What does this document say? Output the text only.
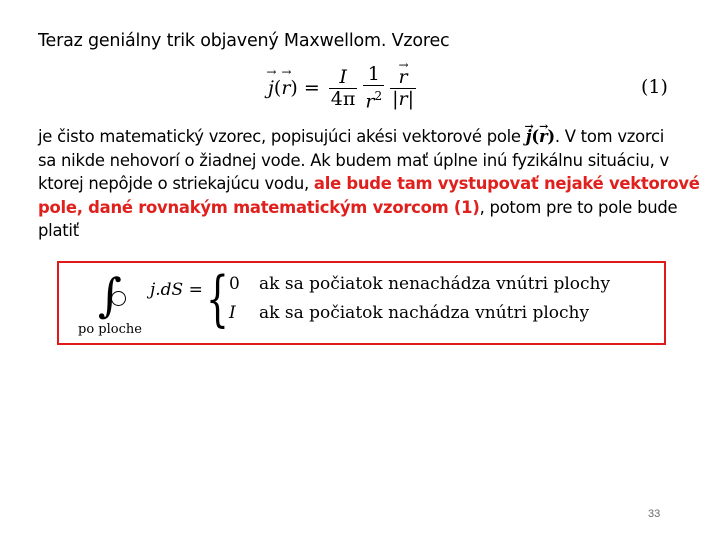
Teraz geniálny trik objavený Maxwellom. Vzorec
→ j (
→ r ) = $\frac{I}{4\pi} \frac{1}{r^2}$
→ $\frac{r}{|r|}$	(1)
je čisto matematický vzorec, popisujúci akési vektorové pole → j(→ r). V tom vzorci
sa nikde nehovorí o žiadnej vode. Ak budem mať úplne inú fyzikálnu situáciu, v
ktorej nepôjde o striekajúcu vodu, ale bude tam vystupovať nejaké vektorové
pole, dané rovnakým matematickým vzorcom (1), potom pre to pole bude
platiť
∫
po ploche
j.dS = { 0 ak sa počiatok nenachádza vnútri plochy
I ak sa počiatok nachádza vnútri plochy
33
